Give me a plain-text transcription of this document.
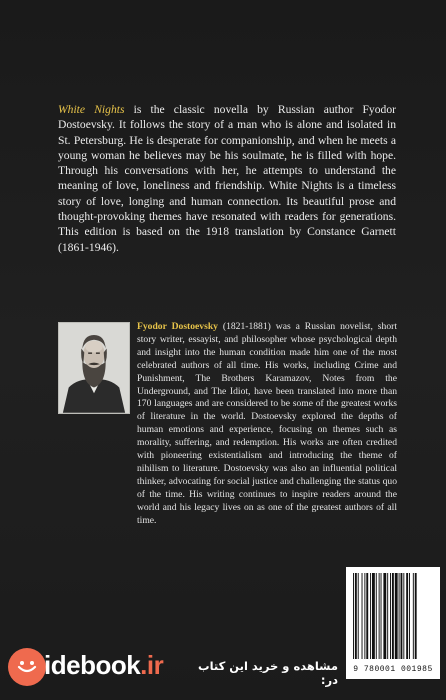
White Nights is the classic novella by Russian author Fyodor Dostoevsky. It follows the story of a man who is alone and isolated in St. Petersburg. He is desperate for companionship, and when he meets a young woman he believes may be his soulmate, he is filled with hope. Through his conversations with her, he attempts to understand the meaning of love, loneliness and friendship. White Nights is a timeless story of love, longing and human connection. Its beautiful prose and thought-provoking themes have resonated with readers for generations. This edition is based on the 1918 translation by Constance Garnett (1861-1946).

Fyodor Dostoevsky (1821-1881) was a Russian novelist, short story writer, essayist, and philosopher whose psychological depth and insight into the human condition made him one of the most celebrated authors of all time. His works, including Crime and Punishment, The Brothers Karamazov, Notes from the Underground, and The Idiot, have been translated into more than 170 languages and are considered to be some of the greatest works of literature in the world. Dostoevsky explored the depths of human emotions and experience, focusing on themes such as morality, suffering, and redemption. His works are often credited with pioneering existentialism and introducing the theme of nihilism to literature. Dostoevsky was also an influential political thinker, advocating for social justice and challenging the status quo of the time. His writing continues to inspire readers around the world and his legacy lives on as one of the greatest authors of all time.

9 780001 001985
idebook.ir	مشاهده و خرید این کتاب در:
